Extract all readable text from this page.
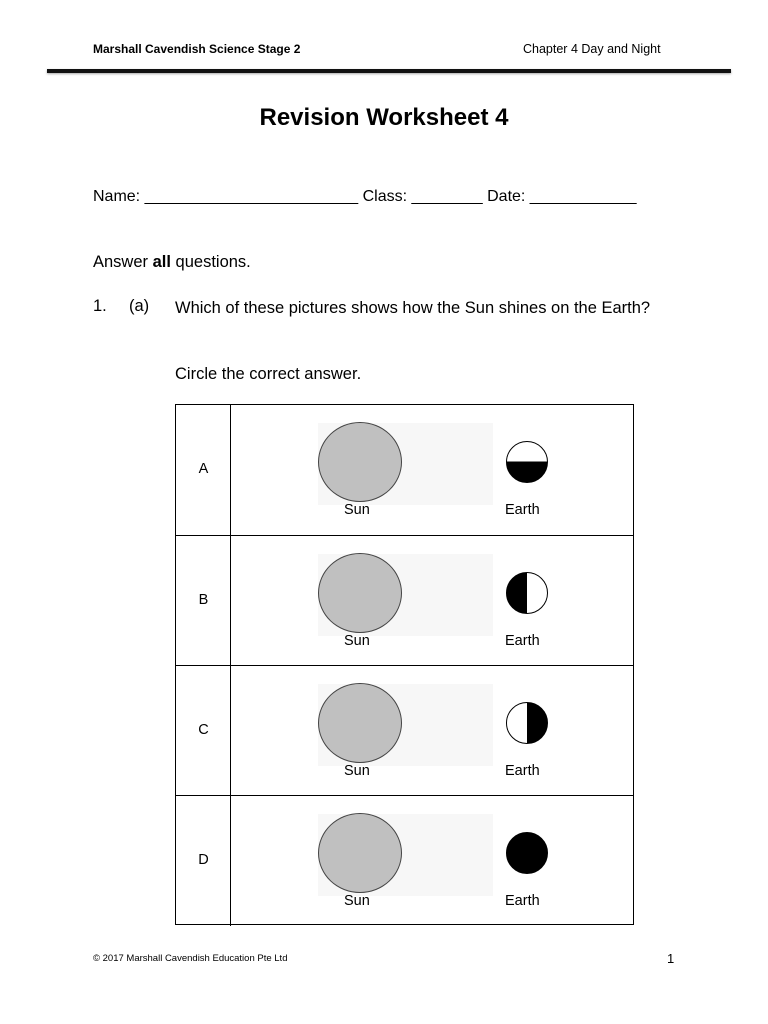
Marshall Cavendish Science Stage 2	Chapter 4 Day and Night
Revision Worksheet 4
Name: ________________________ Class: ________ Date: ____________
Answer all questions.
1. (a) Which of these pictures shows how the Sun shines on the Earth?
Circle the correct answer.
A
Sun	Earth
B
Sun	Earth
C
Sun	Earth
D
Sun	Earth
© 2017 Marshall Cavendish Education Pte Ltd	1
